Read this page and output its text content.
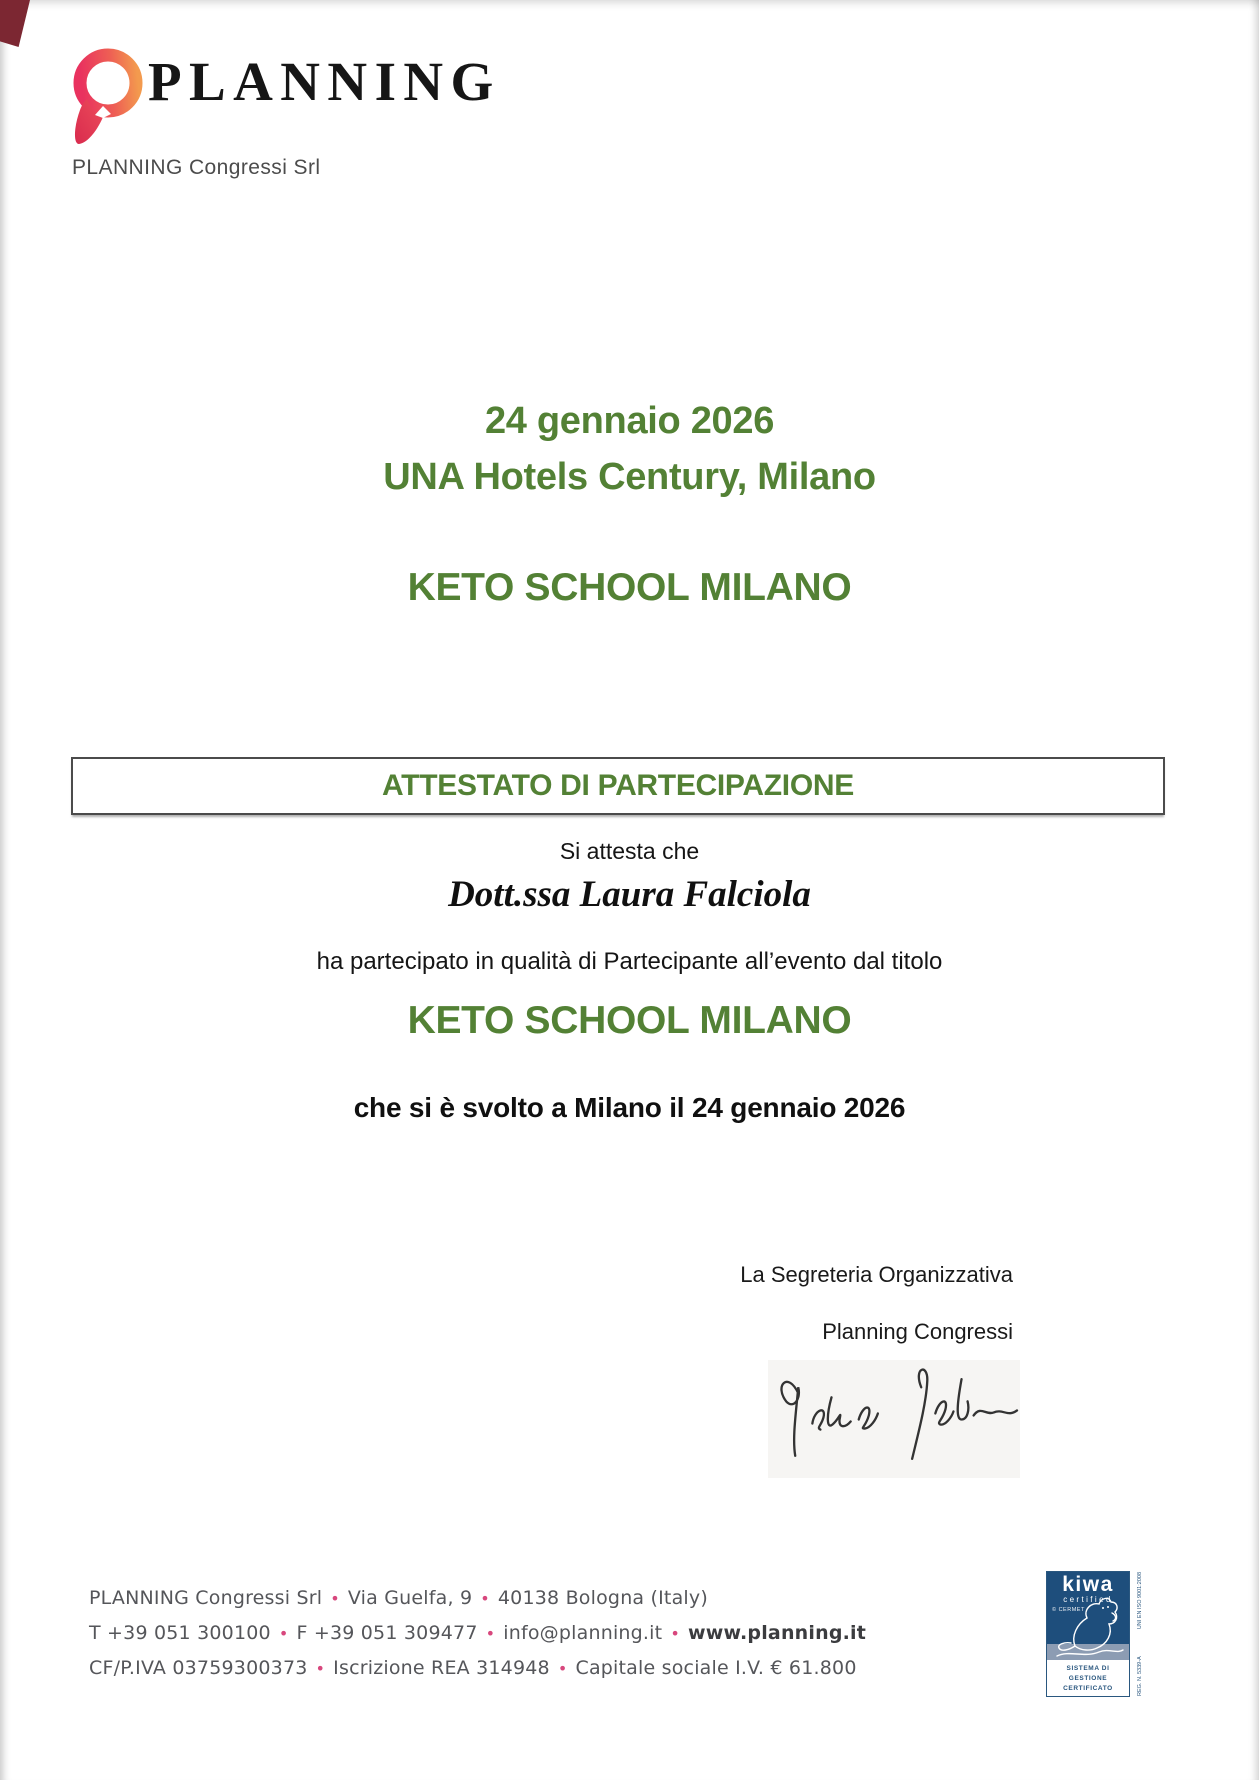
PLANNING
PLANNING Congressi Srl
24 gennaio 2026
UNA Hotels Century, Milano
KETO SCHOOL MILANO
ATTESTATO DI PARTECIPAZIONE
Si attesta che
Dott.ssa Laura Falciola
ha partecipato in qualità di Partecipante all’evento dal titolo
KETO SCHOOL MILANO
che si è svolto a Milano il 24 gennaio 2026
La Segreteria Organizzativa
Planning Congressi
PLANNING Congressi Srl • Via Guelfa, 9 • 40138 Bologna (Italy)
T +39 051 300100 • F +39 051 309477 • info@planning.it • www.planning.it
CF/P.IVA 03759300373 • Iscrizione REA 314948 • Capitale sociale I.V. € 61.800
kiwa
certified
© CERMET
SISTEMA DI GESTIONE
CERTIFICATO	REG. N. 5339-A
UNI EN ISO 9001:2008
